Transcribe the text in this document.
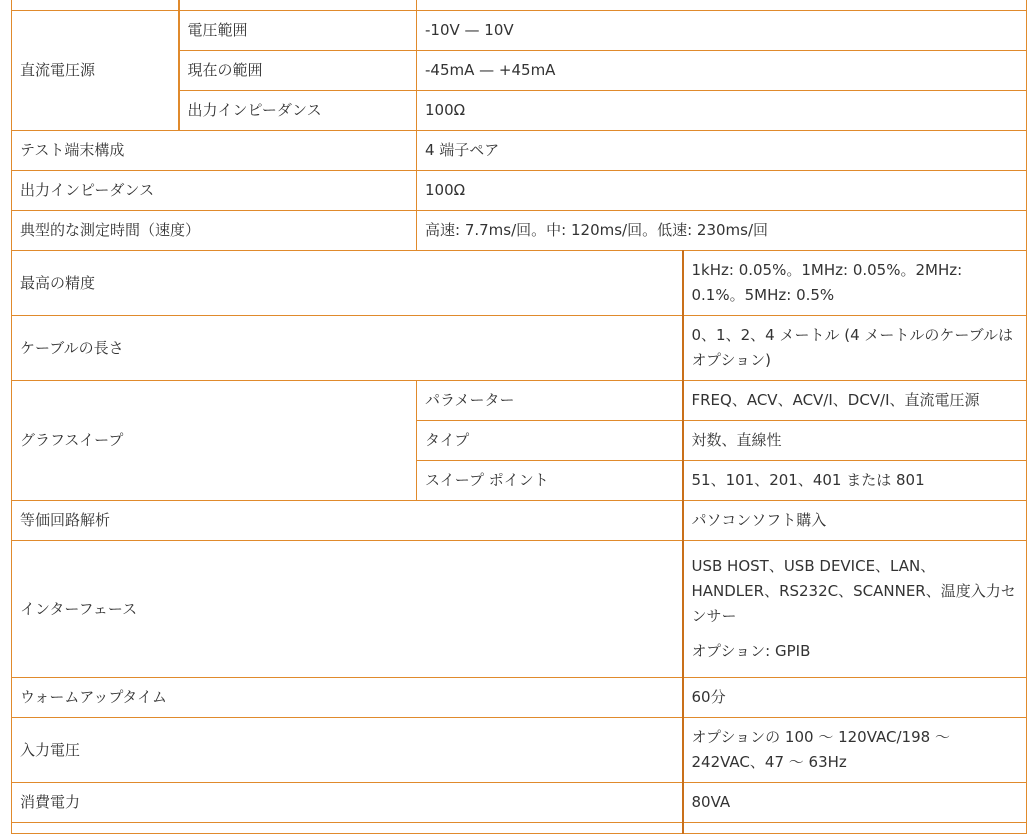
直流電圧源	電圧範囲	-10V — 10V	
	現在の範囲	-45mA — +45mA	
	出力インピーダンス	100Ω	
テスト端末構成		4 端子ペア	
出力インピーダンス		100Ω	
典型的な測定時間（速度）		高速: 7.7ms/回。中: 120ms/回。低速: 230ms/回	
最高の精度			1kHz: 0.05%。1MHz: 0.05%。2MHz: 0.1%。5MHz: 0.5%
ケーブルの長さ			0、1、2、4 メートル (4 メートルのケーブルはオプション)
グラフスイープ		パラメーター	FREQ、ACV、ACV/I、DCV/I、直流電圧源
		タイプ	対数、直線性
		スイープ ポイント	51、101、201、401 または 801
等価回路解析			パソコンソフト購入
インターフェース			USB HOST、USB DEVICE、LAN、HANDLER、RS232C、SCANNER、温度入力センサー

オプション: GPIB

ウォームアップタイム			60分
入力電圧			オプションの 100 ～ 120VAC/198 ～ 242VAC、47 ～ 63Hz
消費電力			80VA
